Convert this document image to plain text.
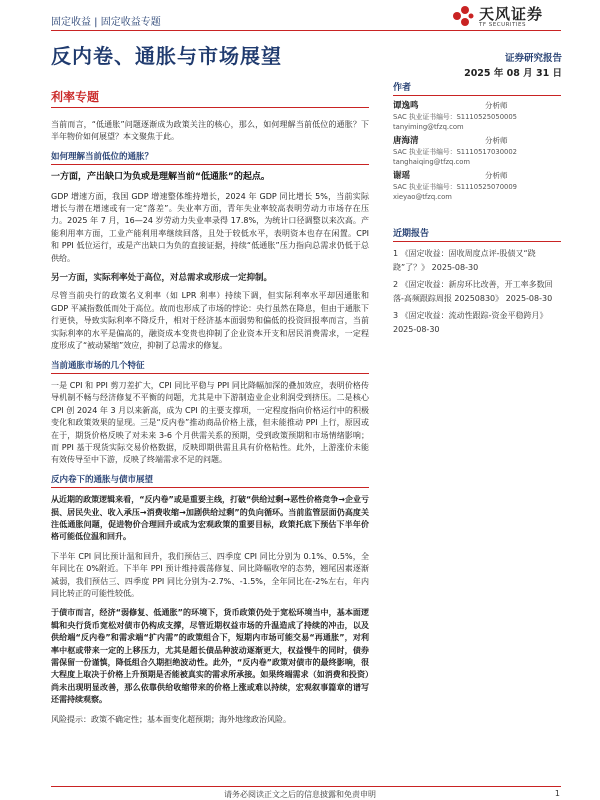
固定收益 | 固定收益专题	天风证券
TF SECURITIES
反内卷、通胀与市场展望	证券研究报告
2025 年 08 月 31 日
利率专题

当前而言，“低通胀”问题逐渐成为政策关注的核心，那么，如何理解当前低位的通胀？下半年物价如何展望？本文聚焦于此。

如何理解当前低位的通胀？
一方面，产出缺口为负或是理解当前“低通胀”的起点。

GDP 增速方面，我国 GDP 增速整体维持增长，2024 年 GDP 同比增长 5%，当前实际增长与潜在增速或有一定“落差”。失业率方面，青年失业率较高表明劳动力市场存在压力。2025 年 7 月，16—24 岁劳动力失业率录得 17.8%，为统计口径调整以来次高。产能利用率方面，工业产能利用率继续回落，且处于较低水平，表明资本也存在闲置。CPI 和 PPI 低位运行，或是产出缺口为负的直接证据，持续“低通胀”压力指向总需求仍低于总供给。

另一方面，实际利率处于高位，对总需求或形成一定抑制。

尽管当前央行的政策名义利率（如 LPR 利率）持续下调，但实际利率水平却因通胀和 GDP 平减指数低而处于高位。故而也形成了市场的悖论：央行虽然在降息，但由于通胀下行更快，导致实际利率不降反升，相对于经济基本面弱势和偏低的投资回报率而言，当前实际利率的水平是偏高的，融资成本变贵也抑制了企业资本开支和居民消费需求，一定程度形成了“被动紧缩”效应，抑制了总需求的修复。

当前通胀市场的几个特征

一是 CPI 和 PPI 剪刀差扩大，CPI 同比平稳与 PPI 同比降幅加深的叠加效应，表明价格传导机制不畅与经济修复不平衡的问题，尤其是中下游制造业企业利润受到挤压。二是核心 CPI 创 2024 年 3 月以来新高，成为 CPI 的主要支撑项，一定程度指向价格运行中的积极变化和政策效果的显现。三是“反内卷”推动商品价格上涨，但未能推动 PPI 上行，原因或在于，期货价格反映了对未来 3-6 个月供需关系的预期，受到政策预期和市场情绪影响；而 PPI 基于现货实际交易价格数据，反映即期供需且具有价格粘性。此外，上游涨价未能有效传导至中下游，反映了终端需求不足的问题。

反内卷下的通胀与债市展望

从近期的政策逻辑来看，“反内卷”或是重要主线，打破“供给过剩→恶性价格竞争→企业亏损、居民失业、收入承压→消费收缩→加剧供给过剩”的负向循环。当前监管层面仍高度关注低通胀问题，促进物价合理回升或成为宏观政策的重要目标，政策托底下预估下半年价格可能低位温和回升。

下半年 CPI 同比预计温和回升，我们预估三、四季度 CPI 同比分别为 0.1%、0.5%，全年同比在 0%附近。下半年 PPI 预计维持震荡修复、同比降幅收窄的态势，翘尾因素逐渐减弱，我们预估三、四季度 PPI 同比分别为-2.7%、-1.5%，全年同比在-2%左右，年内同比转正的可能性较低。

于债市而言，经济“弱修复、低通胀”的环境下，货币政策仍处于宽松环境当中，基本面逻辑和央行货币宽松对债市仍构成支撑，尽管近期权益市场的升温造成了持续的冲击，以及供给端“反内卷”和需求端“扩内需”的政策组合下，短期内市场可能交易“再通胀”，对利率中枢或带来一定的上移压力，尤其是超长债品种波动逐渐更大，权益慢牛的同时，债券需保留一份谨慎，降低组合久期拒绝波动性。此外，“反内卷”政策对债市的最终影响，很大程度上取决于价格上升预期是否能被真实的需求所承接。如果终端需求（如消费和投资）尚未出现明显改善，那么依靠供给收缩带来的价格上涨或难以持续，宏观叙事篇章的谱写还需持续观察。

风险提示：政策不确定性；基本面变化超预期；海外地缘政治风险。

作者
谭逸鸣	分析师
SAC 执业证书编号：S1110525050005
tanyiming@tfzq.com
唐海清	分析师
SAC 执业证书编号：S1110517030002
tanghaiqing@tfzq.com
谢瑶	分析师
SAC 执业证书编号：S1110525070009
xieyao@tfzq.com
近期报告
1 《固定收益：固收周度点评-股债又“跷跷”了？》 2025-08-30
2 《固定收益：新房环比改善，开工率多数回落-高频跟踪周报 20250830》 2025-08-30
3 《固定收益：流动性跟踪-资金平稳跨月》 2025-08-30
请务必阅读正文之后的信息披露和免责申明	1
